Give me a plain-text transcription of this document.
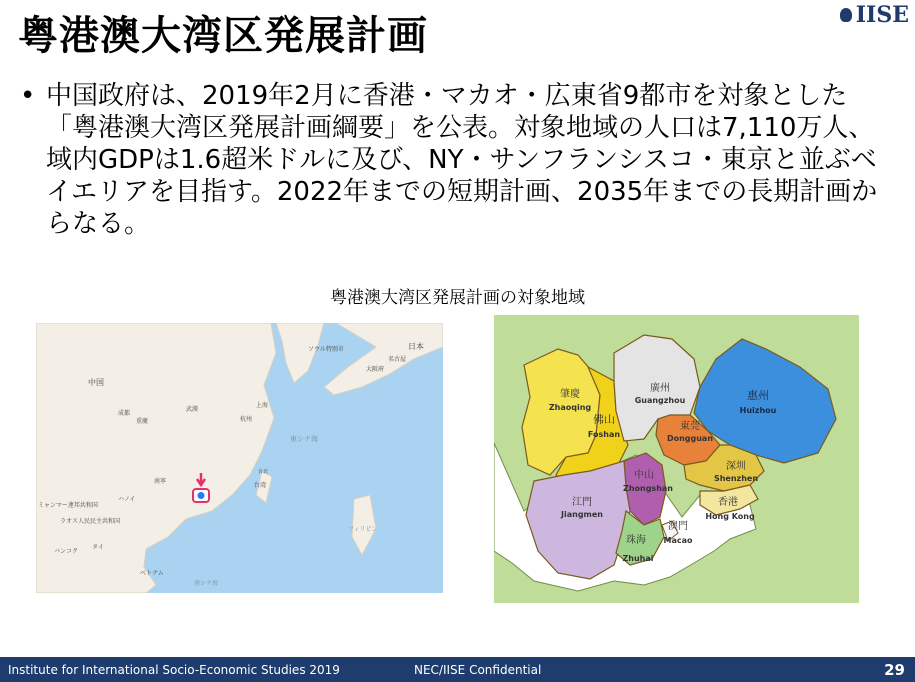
IISE
粤港澳大湾区発展計画
• 中国政府は、2019年2月に香港・マカオ・広東省9都市を対象とした「粤港澳大湾区発展計画綱要」を公表。対象地域の人口は7,110万人、域内GDPは1.6超米ドルに及び、NY・サンフランシスコ・東京と並ぶベイエリアを目指す。2022年までの短期計画、2035年までの長期計画からなる。

粤港澳大湾区発展計画の対象地域
中国
日本
ソウル特別市
大阪府
名古屋
上海
杭州
東シナ海
成都
重慶
武漢
台湾
台北
南寧
ハノイ
ミャンマー連邦共和国
ラオス人民民主共和国
タイ
バンコク
ベトナム
フィリピン
南シナ海
肇慶
Zhaoqing
佛山
Foshan
廣州
Guangzhou	惠州
Huizhou
東莞
Dongguan
深圳
Shenzhen
香港
Hong Kong
中山
Zhongshan
江門
Jiangmen
珠海
Zhuhai
澳門
Macao
Institute for International Socio-Economic Studies 2019	NEC/IISE Confidential	29
